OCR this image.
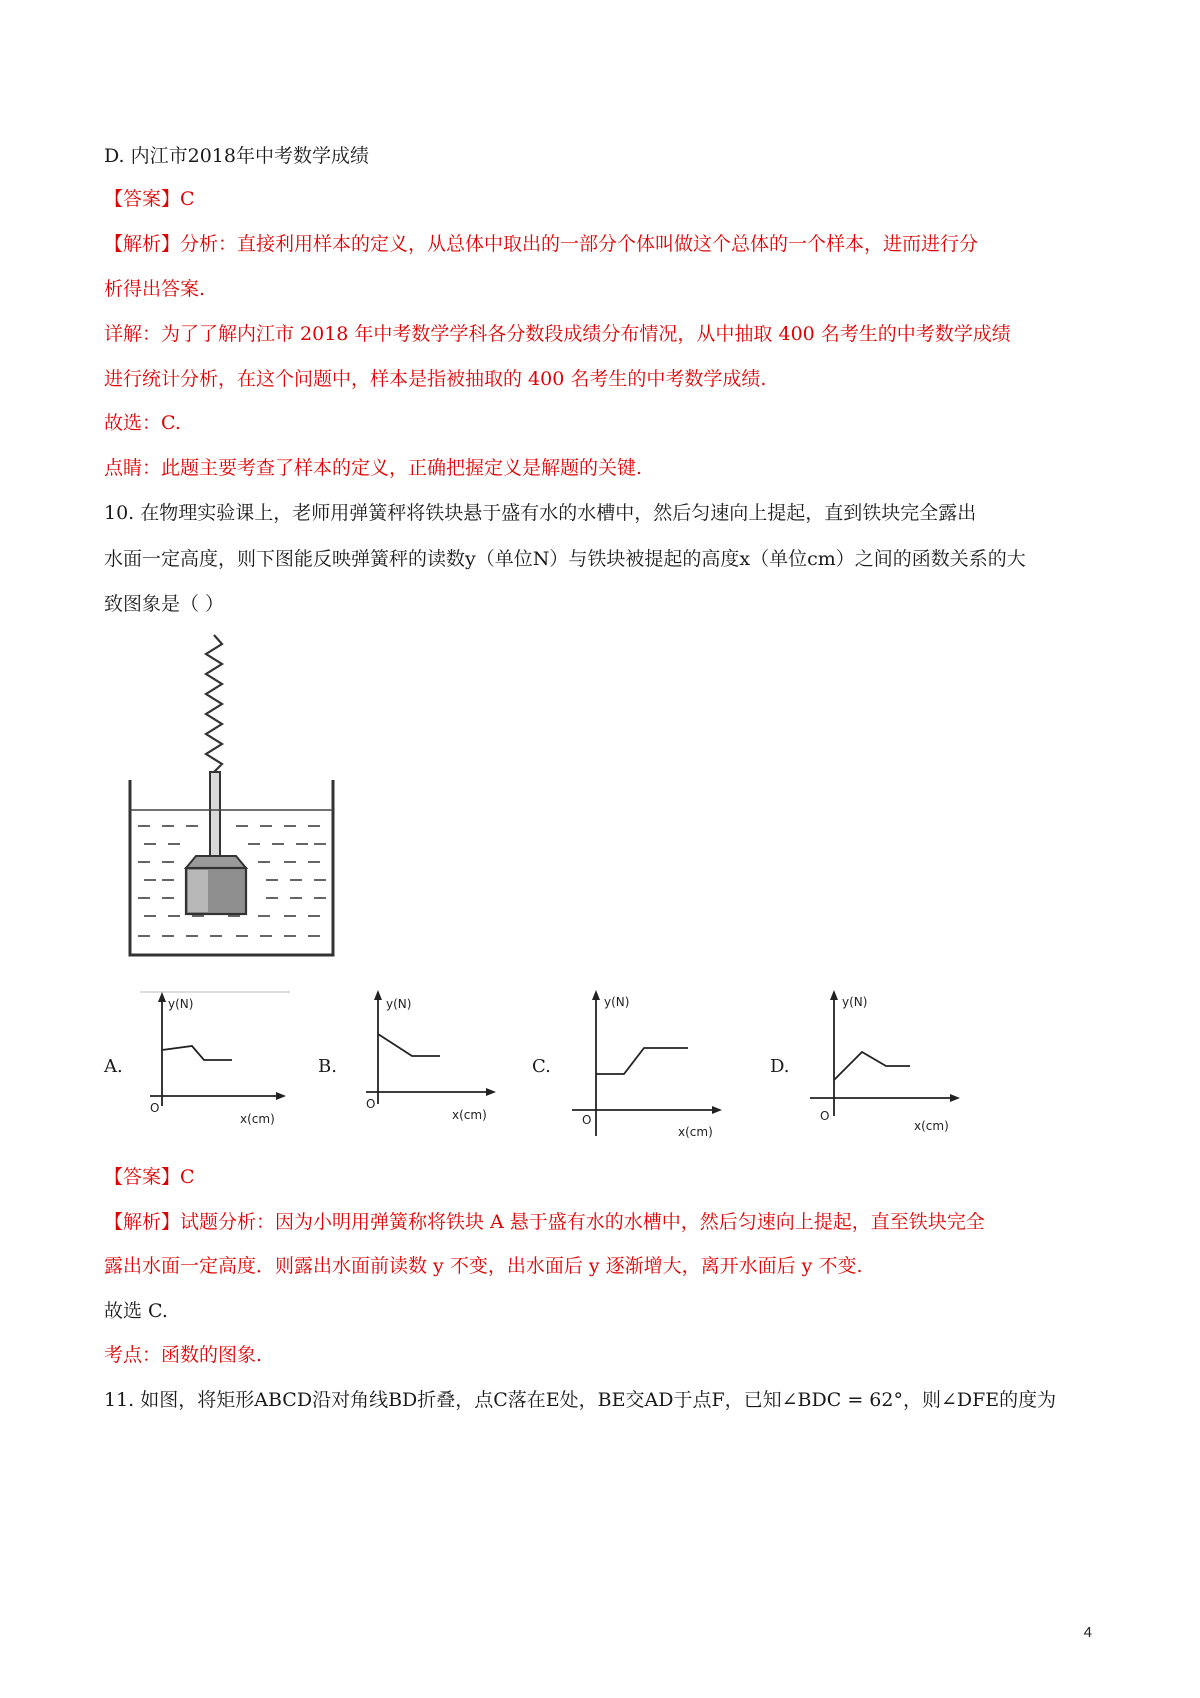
D. 内江市2018年中考数学成绩
【答案】C
【解析】分析：直接利用样本的定义，从总体中取出的一部分个体叫做这个总体的一个样本，进而进行分
析得出答案.
详解：为了了解内江市 2018 年中考数学学科各分数段成绩分布情况，从中抽取 400 名考生的中考数学成绩
进行统计分析，在这个问题中，样本是指被抽取的 400 名考生的中考数学成绩.
故选：C.
点睛：此题主要考查了样本的定义，正确把握定义是解题的关键.
10. 在物理实验课上，老师用弹簧秤将铁块悬于盛有水的水槽中，然后匀速向上提起，直到铁块完全露出
水面一定高度，则下图能反映弹簧秤的读数y（单位N）与铁块被提起的高度x（单位cm）之间的函数关系的大
致图象是（ ）
A.
y(N)
O
x(cm)
B.
y(N)
O
x(cm)
C.
y(N)
O
x(cm)
D.
y(N)
O
x(cm)
【答案】C
【解析】试题分析：因为小明用弹簧称将铁块 A 悬于盛有水的水槽中，然后匀速向上提起，直至铁块完全
露出水面一定高度．则露出水面前读数 y 不变，出水面后 y 逐渐增大，离开水面后 y 不变.
故选 C.
考点：函数的图象.
11. 如图，将矩形ABCD沿对角线BD折叠，点C落在E处，BE交AD于点F，已知∠BDC = 62°，则∠DFE的度为
4
